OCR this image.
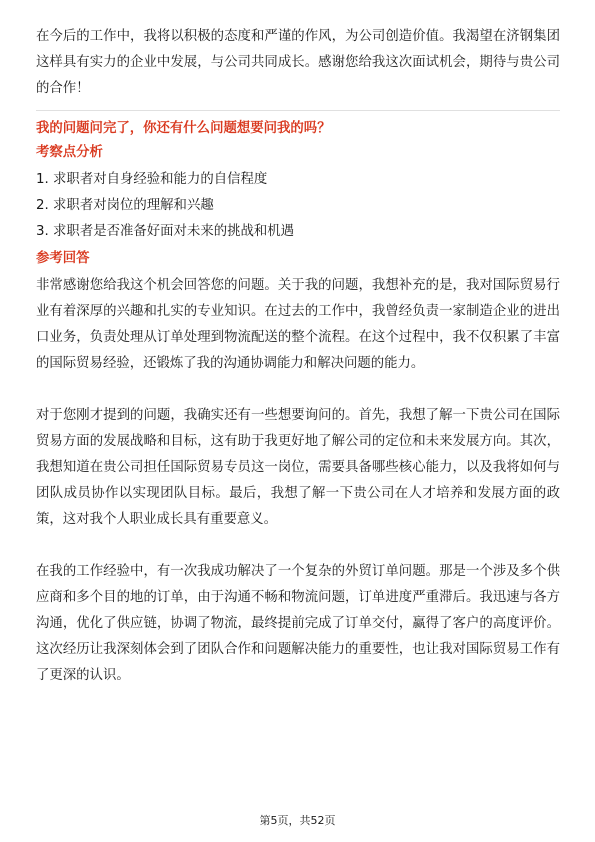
在今后的工作中，我将以积极的态度和严谨的作风，为公司创造价值。我渴望在济钢集团这样具有实力的企业中发展，与公司共同成长。感谢您给我这次面试机会，期待与贵公司的合作！

我的问题问完了，你还有什么问题想要问我的吗？

考察点分析

1. 求职者对自身经验和能力的自信程度
2. 求职者对岗位的理解和兴趣
3. 求职者是否准备好面对未来的挑战和机遇

参考回答

非常感谢您给我这个机会回答您的问题。关于我的问题，我想补充的是，我对国际贸易行业有着深厚的兴趣和扎实的专业知识。在过去的工作中，我曾经负责一家制造企业的进出口业务，负责处理从订单处理到物流配送的整个流程。在这个过程中，我不仅积累了丰富的国际贸易经验，还锻炼了我的沟通协调能力和解决问题的能力。

对于您刚才提到的问题，我确实还有一些想要询问的。首先，我想了解一下贵公司在国际贸易方面的发展战略和目标，这有助于我更好地了解公司的定位和未来发展方向。其次，我想知道在贵公司担任国际贸易专员这一岗位，需要具备哪些核心能力，以及我将如何与团队成员协作以实现团队目标。最后，我想了解一下贵公司在人才培养和发展方面的政策，这对我个人职业成长具有重要意义。

在我的工作经验中，有一次我成功解决了一个复杂的外贸订单问题。那是一个涉及多个供应商和多个目的地的订单，由于沟通不畅和物流问题，订单进度严重滞后。我迅速与各方沟通，优化了供应链，协调了物流，最终提前完成了订单交付，赢得了客户的高度评价。这次经历让我深刻体会到了团队合作和问题解决能力的重要性，也让我对国际贸易工作有了更深的认识。

第5页，共52页
